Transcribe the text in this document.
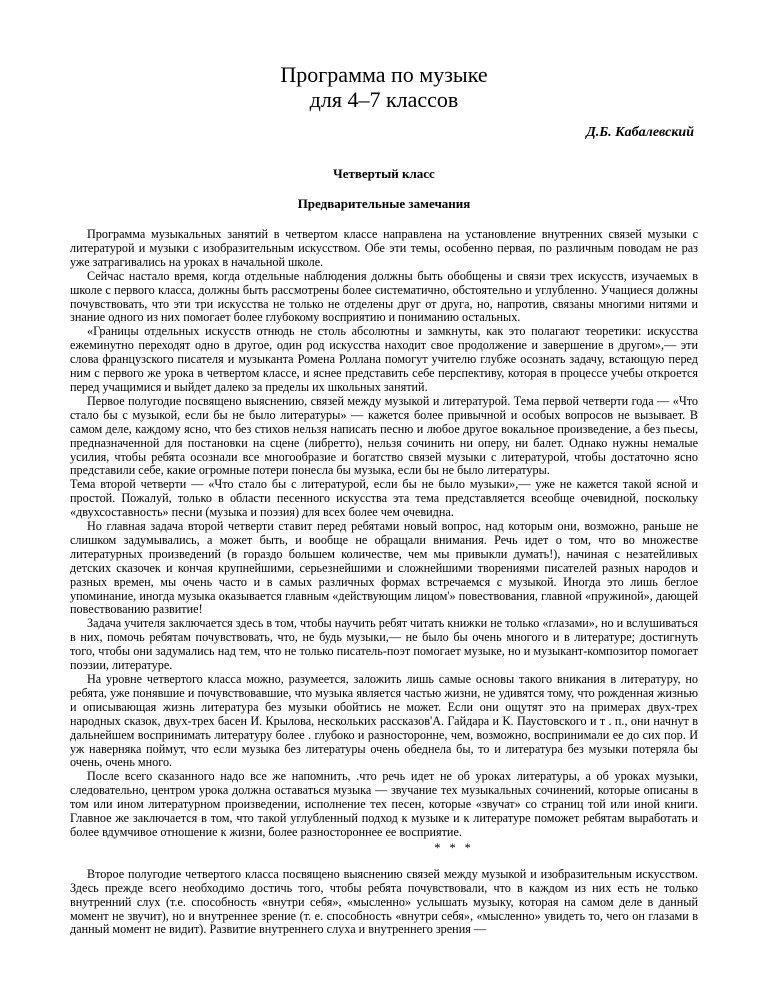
Программа по музыке
для 4–7 классов
Д.Б. Кабалевский
Четвертый класс
Предварительные замечания

Программа музыкальных занятий в четвертом классе направлена на установление внутренних связей музыки с литературой и музыки с изобразительным искусством. Обе эти темы, особенно первая, по различным поводам не раз уже затрагивались на уроках в начальной школе.

Сейчас настало время, когда отдельные наблюдения должны быть обобщены и связи трех искусств, изучаемых в школе с первого класса, должны быть рассмотрены более систематично, обстоятельно и углубленно. Учащиеся должны почувствовать, что эти три искусства не только не отделены друг от друга, но, напротив, связаны многими нитями и знание одного из них помогает более глубокому восприятию и пониманию остальных.

«Границы отдельных искусств отнюдь не столь абсолютны и замкнуты, как это полагают теоретики: искусства ежеминутно переходят одно в другое, один род искусства находит свое продолжение и завершение в другом»,— эти слова французского писателя и музыканта Ромена Роллана помогут учителю глубже осознать задачу, встающую перед ним с первого же урока в четвертом классе, и яснее представить себе перспективу, которая в процессе учебы откроется перед учащимися и выйдет далеко за пределы их школьных занятий.

Первое полугодие посвящено выяснению, связей между музыкой и литературой. Тема первой четверти года — «Что стало бы с музыкой, если бы не было литературы» — кажется более привычной и особых вопросов не вызывает. В самом деле, каждому ясно, что без стихов нельзя написать песню и любое другое вокальное произведение, а без пьесы, предназначенной для постановки на сцене (либретто), нельзя сочинить ни оперу, ни балет. Однако нужны немалые усилия, чтобы ребята осознали все многообразие и богатство связей музыки с литературой, чтобы достаточно ясно представили себе, какие огромные потери понесла бы музыка, если бы не было литературы.

Тема второй четверти — «Что стало бы с литературой, если бы не было музыки»,— уже не кажется такой ясной и простой. Пожалуй, только в области песенного искусства эта тема представляется всеобще очевидной, поскольку «двухсоставность» песни (музыка и поэзия) для всех более чем очевидна.

Но главная задача второй четверти ставит перед ребятами новый вопрос, над которым они, возможно, раньше не слишком задумывались, а может быть, и вообще не обращали внимания. Речь идет о том, что во множестве литературных произведений (в гораздо большем количестве, чем мы привыкли думать!), начиная с незатейливых детских сказочек и кончая крупнейшими, серьезнейшими и сложнейшими творениями писателей разных народов и разных времен, мы очень часто и в самых различных формах встречаемся с музыкой. Иногда это лишь беглое упоминание, иногда музыка оказывается главным «действующим лицом'» повествования, главной «пружиной», дающей повествованию развитие!

Задача учителя заключается здесь в том, чтобы научить ребят читать книжки не только «глазами», но и вслушиваться в них, помочь ребятам почувствовать, что, не будь музыки,— не было бы очень многого и в литературе; достигнуть того, чтобы они задумались над тем, что не только писатель-поэт помогает музыке, но и музыкант-композитор помогает поэзии, литературе.

На уровне четвертого класса можно, разумеется, заложить лишь самые основы такого вникания в литературу, но ребята, уже понявшие и почувствовавшие, что музыка является частью жизни, не удивятся тому, что рожденная жизнью и описывающая жизнь литература без музыки обойтись не может. Если они ощутят это на примерах двух-трех народных сказок, двух-трех басен И. Крылова, нескольких рассказов'А. Гайдара и К. Паустовского и т . п., они начнут в дальнейшем воспринимать литературу более . глубоко и разносторонне, чем, возможно, воспринимали ее до сих пор. И уж наверняка поймут, что если музыка без литературы очень обеднела бы, то и литература без музыки потеряла бы очень, очень много.

После всего сказанного надо все же напомнить, .что речь идет не об уроках литературы, а об уроках музыки, следовательно, центром урока должна оставаться музыка — звучание тех музыкальных сочинений, которые описаны в том или ином литературном произведении, исполнение тех песен, которые «звучат» со страниц той или иной книги. Главное же заключается в том, что такой углубленный подход к музыке и к литературе поможет ребятам выработать и более вдумчивое отношение к жизни, более разностороннее ее восприятие.

* * *

Второе полугодие четвертого класса посвящено выяснению связей между музыкой и изобразительным искусством. Здесь прежде всего необходимо достичь того, чтобы ребята почувствовали, что в каждом из них есть не только внутренний слух (т.е. способность «внутри себя», «мысленно» услышать музыку, которая на самом деле в данный момент не звучит), но и внутреннее зрение (т. е. способность «внутри себя», «мысленно» увидеть то, чего он глазами в данный момент не видит). Развитие внутреннего слуха и внутреннего зрения —
